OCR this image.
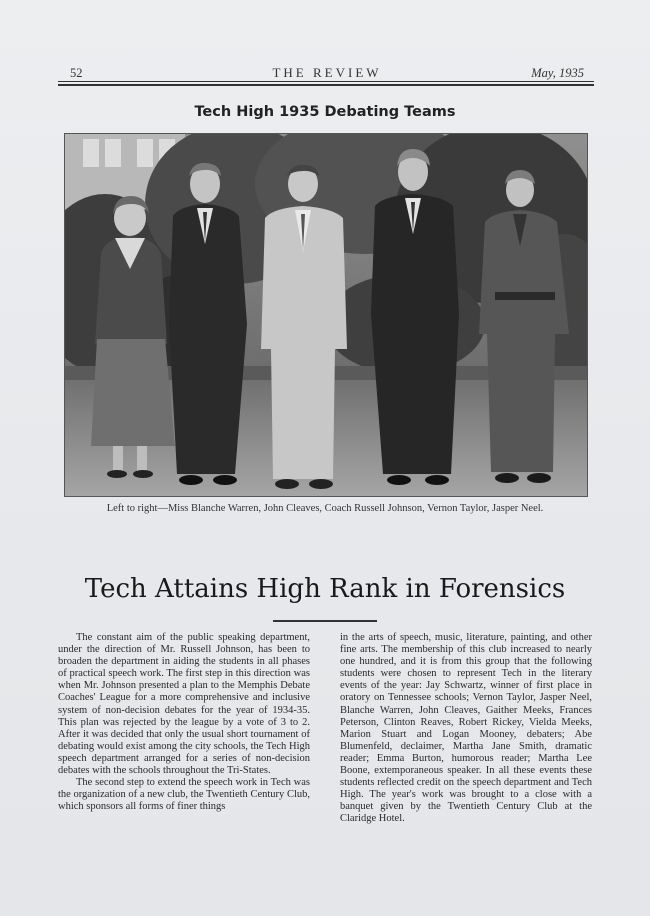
52	THE REVIEW	May, 1935
Tech High 1935 Debating Teams
Left to right—Miss Blanche Warren, John Cleaves, Coach Russell Johnson, Vernon Taylor, Jasper Neel.
Tech Attains High Rank in Forensics

The constant aim of the public speaking department, under the direction of Mr. Russell Johnson, has been to broaden the department in aiding the students in all phases of practical speech work. The first step in this direction was when Mr. Johnson presented a plan to the Memphis Debate Coaches' League for a more comprehensive and inclusive system of non-decision debates for the year of 1934-35. This plan was rejected by the league by a vote of 3 to 2. After it was decided that only the usual short tournament of debating would exist among the city schools, the Tech High speech department arranged for a series of non-decision debates with the schools throughout the Tri-States.

The second step to extend the speech work in Tech was the organization of a new club, the Twentieth Century Club, which sponsors all forms of finer things

in the arts of speech, music, literature, painting, and other fine arts. The membership of this club increased to nearly one hundred, and it is from this group that the following students were chosen to represent Tech in the literary events of the year: Jay Schwartz, winner of first place in oratory on Tennessee schools; Vernon Taylor, Jasper Neel, Blanche Warren, John Cleaves, Gaither Meeks, Frances Peterson, Clinton Reaves, Robert Rickey, Vielda Meeks, Marion Stuart and Logan Mooney, debaters; Abe Blumenfeld, declaimer, Martha Jane Smith, dramatic reader; Emma Burton, humorous reader; Martha Lee Boone, extemporaneous speaker. In all these events these students reflected credit on the speech department and Tech High. The year's work was brought to a close with a banquet given by the Twentieth Century Club at the Claridge Hotel.
